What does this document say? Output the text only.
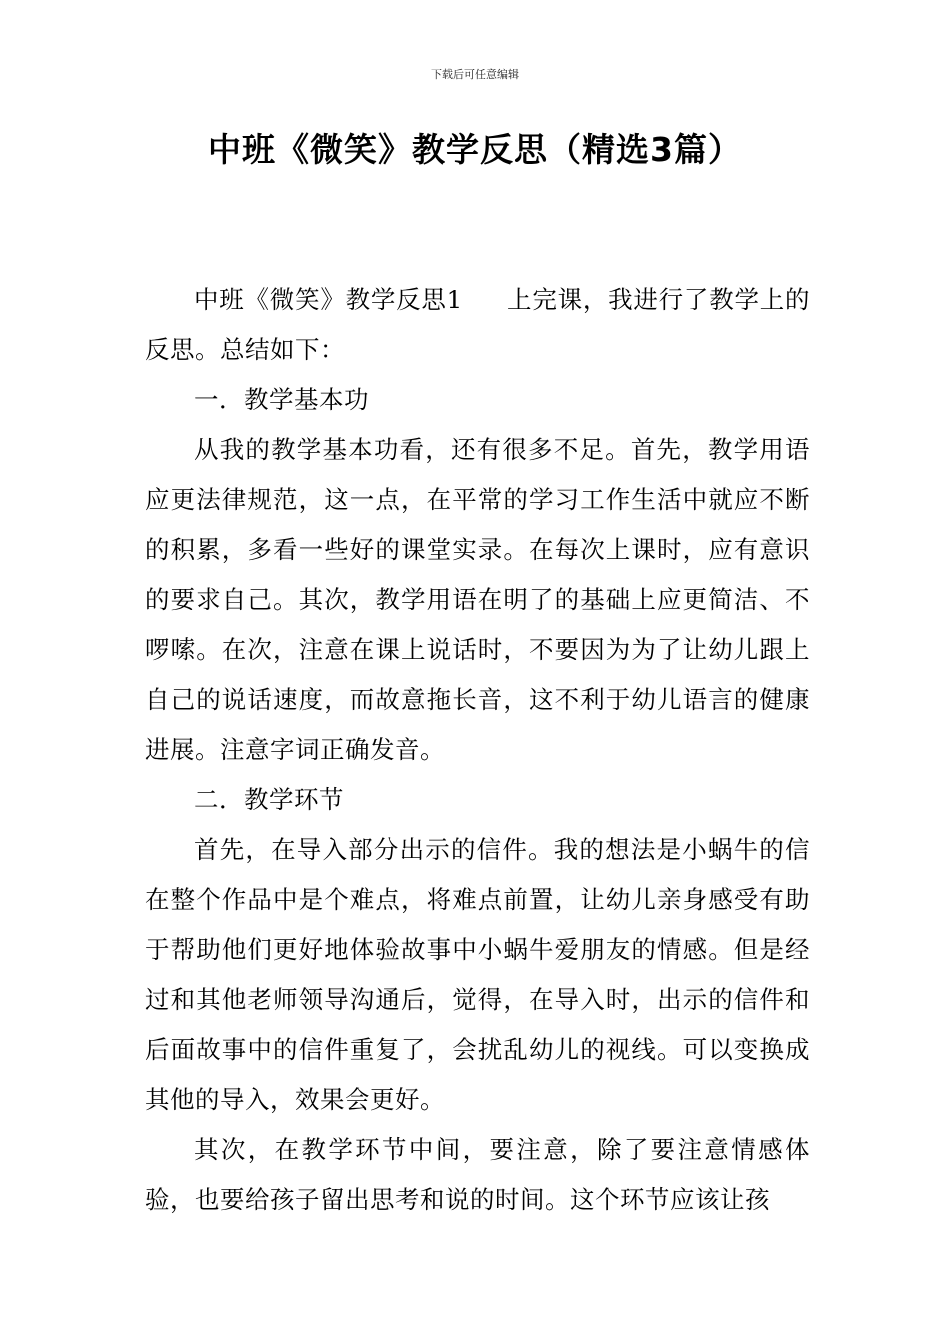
下载后可任意编辑
中班《微笑》教学反思（精选3篇）

中班《微笑》教学反思1 上完课，我进行了教学上的反思。总结如下：

一．教学基本功

从我的教学基本功看，还有很多不足。首先，教学用语应更法律规范，这一点，在平常的学习工作生活中就应不断的积累，多看一些好的课堂实录。在每次上课时，应有意识的要求自己。其次，教学用语在明了的基础上应更简洁、不啰嗦。在次，注意在课上说话时，不要因为为了让幼儿跟上自己的说话速度，而故意拖长音，这不利于幼儿语言的健康进展。注意字词正确发音。

二．教学环节

首先，在导入部分出示的信件。我的想法是小蜗牛的信在整个作品中是个难点，将难点前置，让幼儿亲身感受有助于帮助他们更好地体验故事中小蜗牛爱朋友的情感。但是经过和其他老师领导沟通后，觉得，在导入时，出示的信件和后面故事中的信件重复了，会扰乱幼儿的视线。可以变换成其他的导入，效果会更好。

其次，在教学环节中间，要注意，除了要注意情感体验，也要给孩子留出思考和说的时间。这个环节应该让孩
